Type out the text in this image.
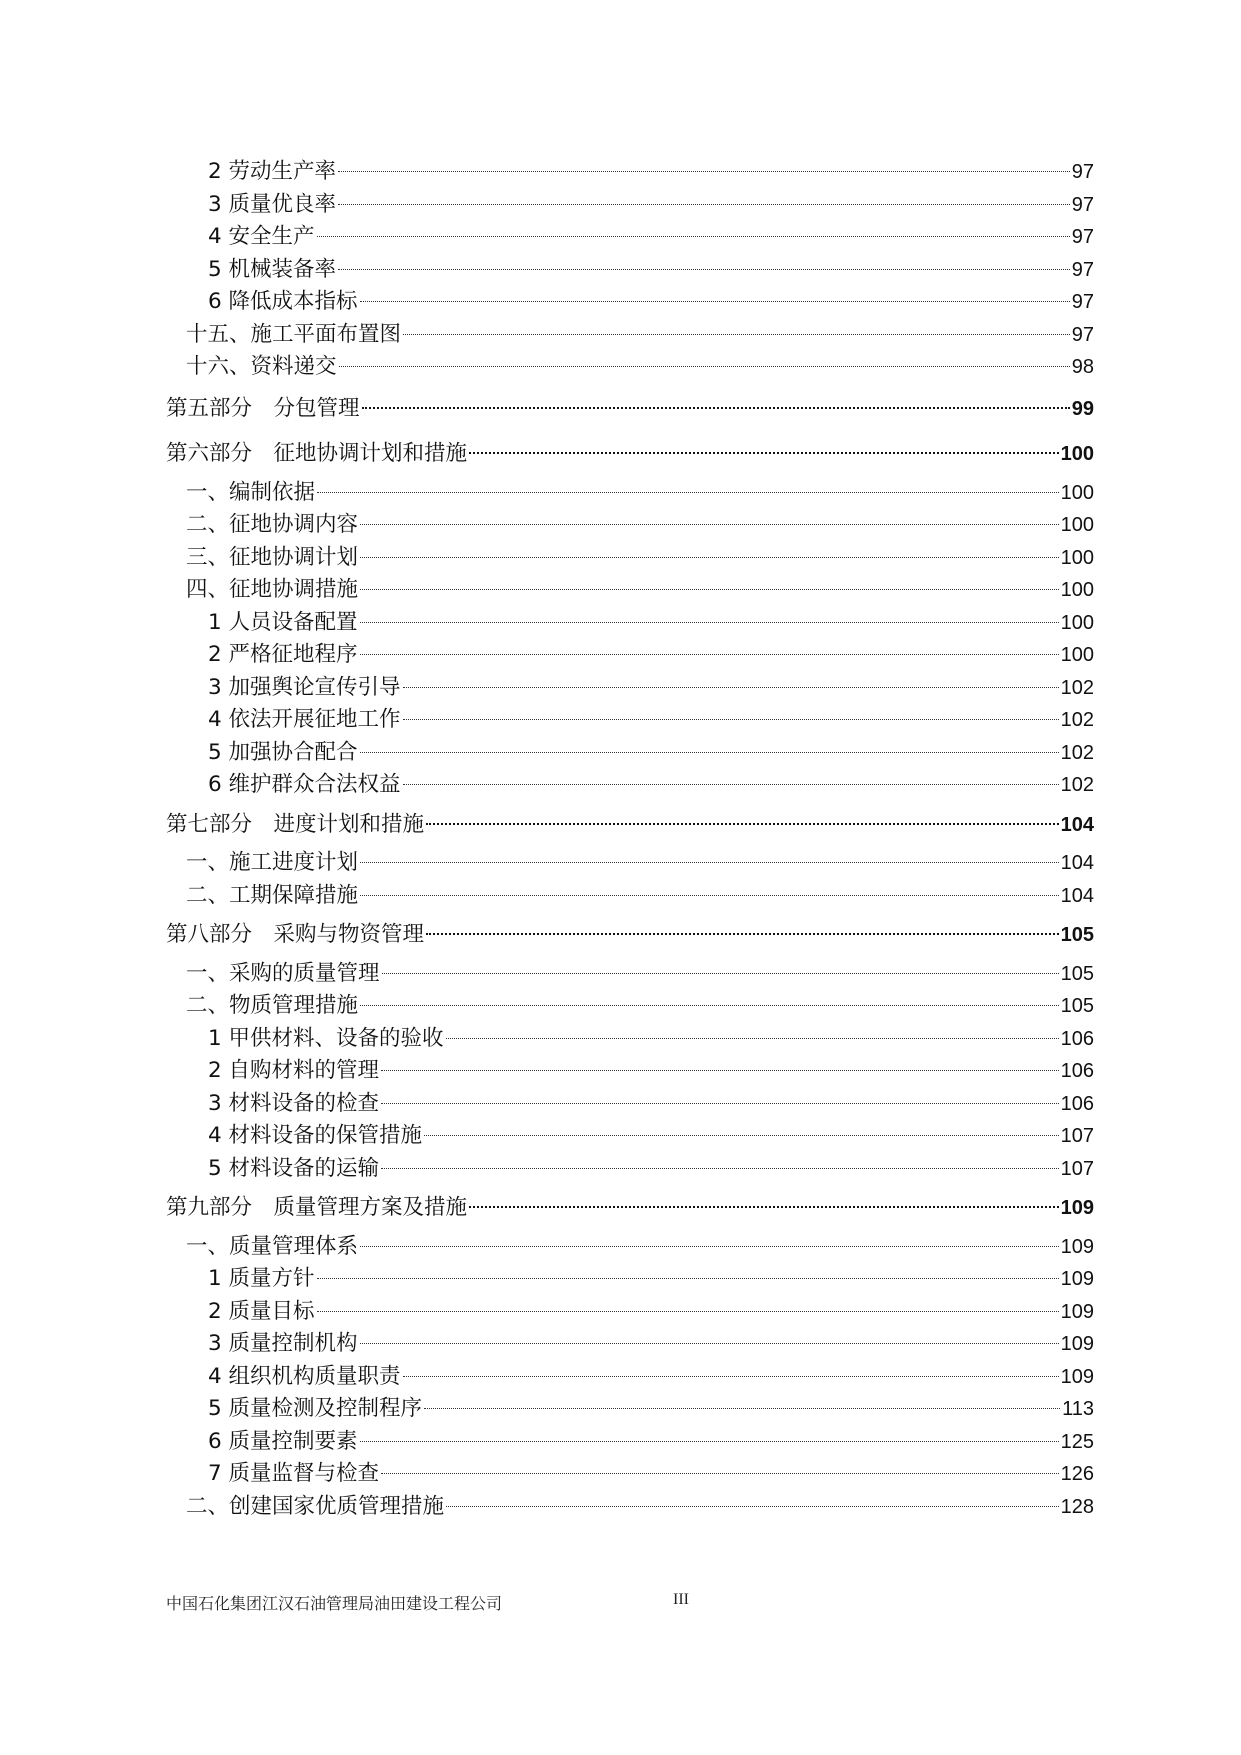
2 劳动生产率	97
3 质量优良率	97
4 安全生产	97
5 机械装备率	97
6 降低成本指标	97
十五、施工平面布置图	97
十六、资料递交	98
第五部分　分包管理	99
第六部分　征地协调计划和措施	100
一、编制依据	100
二、征地协调内容	100
三、征地协调计划	100
四、征地协调措施	100
1 人员设备配置	100
2 严格征地程序	100
3 加强舆论宣传引导	102
4 依法开展征地工作	102
5 加强协合配合	102
6 维护群众合法权益	102
第七部分　进度计划和措施	104
一、施工进度计划	104
二、工期保障措施	104
第八部分　采购与物资管理	105
一、采购的质量管理	105
二、物质管理措施	105
1 甲供材料、设备的验收	106
2 自购材料的管理	106
3 材料设备的检查	106
4 材料设备的保管措施	107
5 材料设备的运输	107
第九部分　质量管理方案及措施	109
一、质量管理体系	109
1 质量方针	109
2 质量目标	109
3 质量控制机构	109
4 组织机构质量职责	109
5 质量检测及控制程序	113
6 质量控制要素	125
7 质量监督与检查	126
二、创建国家优质管理措施	128
中国石化集团江汉石油管理局油田建设工程公司	III
